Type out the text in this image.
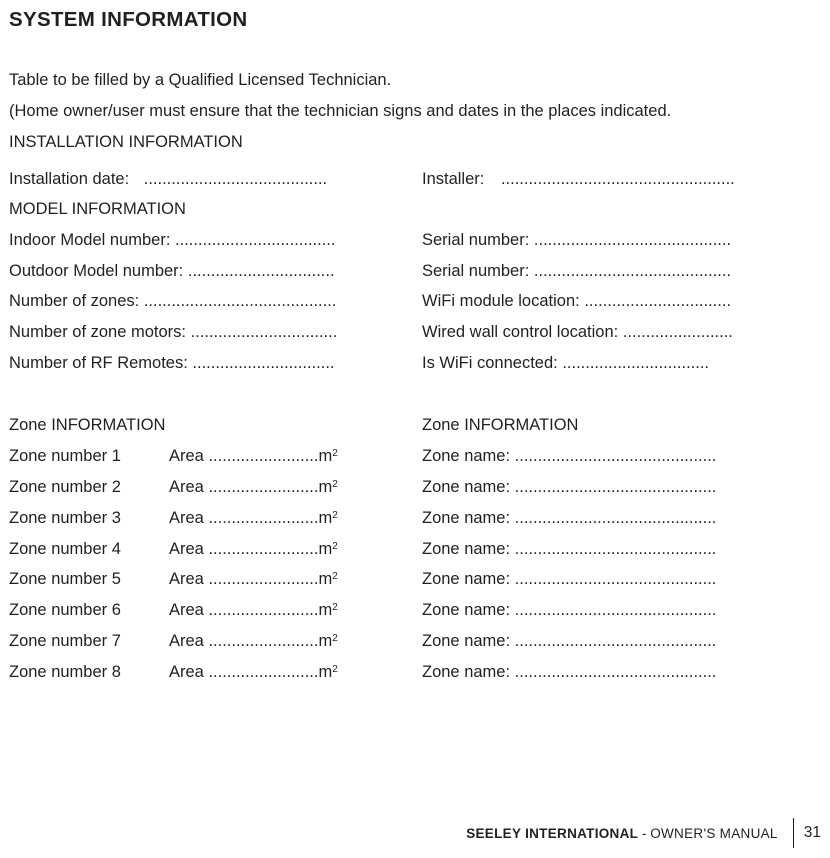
SYSTEM INFORMATION
Table to be filled by a Qualified Licensed Technician.
(Home owner/user must ensure that the technician signs and dates in the places indicated.
INSTALLATION INFORMATION
Installation date: ........................................	Installer: ...................................................
MODEL INFORMATION
Indoor Model number: ...................................	Serial number: ...........................................
Outdoor Model number: ................................	Serial number: ...........................................
Number of zones: ..........................................	WiFi module location: ................................
Number of zone motors: ................................	Wired wall control location: ........................
Number of RF Remotes: ...............................	Is WiFi connected: ................................
Zone INFORMATION	Zone INFORMATION
Zone number 1	Area $........................m^2$	Zone name: ............................................
Zone number 2	Area $........................m^2$	Zone name: ............................................
Zone number 3	Area $........................m^2$	Zone name: ............................................
Zone number 4	Area $........................m^2$	Zone name: ............................................
Zone number 5	Area $........................m^2$	Zone name: ............................................
Zone number 6	Area $........................m^2$	Zone name: ............................................
Zone number 7	Area $........................m^2$	Zone name: ............................................
Zone number 8	Area $........................m^2$	Zone name: ............................................
SEELEY INTERNATIONAL - OWNER'S MANUAL 31
